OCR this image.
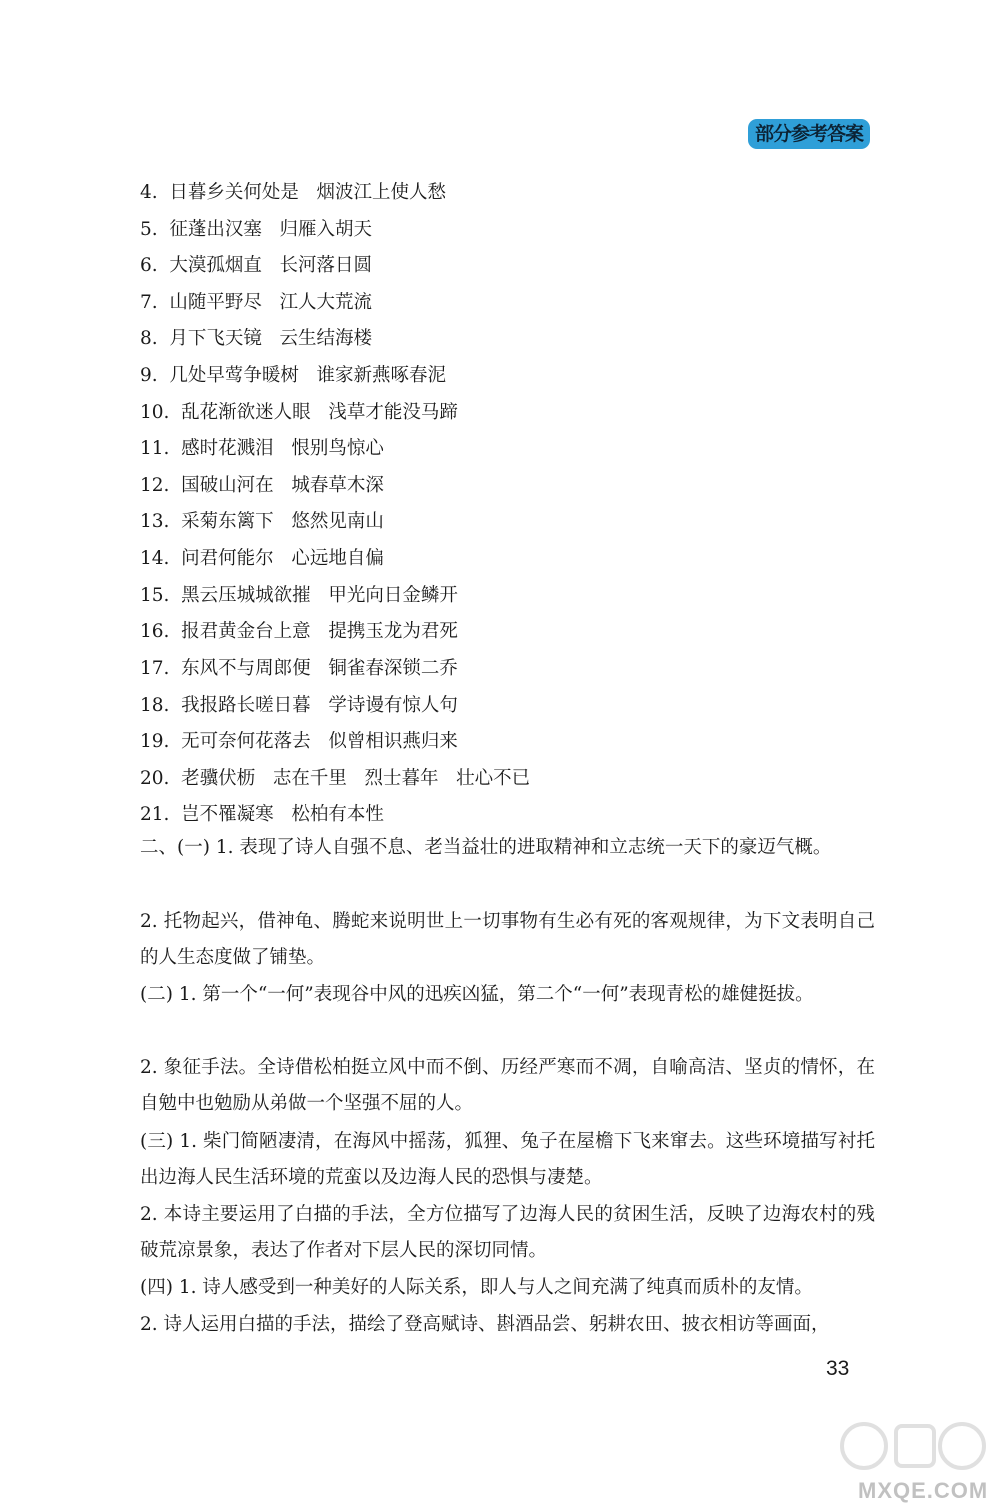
部分参考答案
4.  日暮乡关何处是   烟波江上使人愁
5.  征蓬出汉塞   归雁入胡天
6.  大漠孤烟直   长河落日圆
7.  山随平野尽   江人大荒流
8.  月下飞天镜   云生结海楼
9.  几处早莺争暖树   谁家新燕啄春泥
10.  乱花渐欲迷人眼   浅草才能没马蹄
11.  感时花溅泪   恨别鸟惊心
12.  国破山河在   城春草木深
13.  采菊东篱下   悠然见南山
14.  问君何能尔   心远地自偏
15.  黑云压城城欲摧   甲光向日金鳞开
16.  报君黄金台上意   提携玉龙为君死
17.  东风不与周郎便   铜雀春深锁二乔
18.  我报路长嗟日暮   学诗谩有惊人句
19.  无可奈何花落去   似曾相识燕归来
20.  老骥伏枥   志在千里   烈士暮年   壮心不已
21.  岂不罹凝寒   松柏有本性
二、(一) 1. 表现了诗人自强不息、老当益壮的进取精神和立志统一天下的豪迈气概。
2. 托物起兴，借神龟、腾蛇来说明世上一切事物有生必有死的客观规律，为下文表明自己的人生态度做了铺垫。
(二) 1. 第一个“一何”表现谷中风的迅疾凶猛，第二个“一何”表现青松的雄健挺拔。
2. 象征手法。全诗借松柏挺立风中而不倒、历经严寒而不凋，自喻高洁、坚贞的情怀，在自勉中也勉励从弟做一个坚强不屈的人。
(三) 1. 柴门简陋凄清，在海风中摇荡，狐狸、兔子在屋檐下飞来窜去。这些环境描写衬托出边海人民生活环境的荒蛮以及边海人民的恐惧与凄楚。
2. 本诗主要运用了白描的手法，全方位描写了边海人民的贫困生活，反映了边海农村的残破荒凉景象，表达了作者对下层人民的深切同情。
(四) 1. 诗人感受到一种美好的人际关系，即人与人之间充满了纯真而质朴的友情。
2. 诗人运用白描的手法，描绘了登高赋诗、斟酒品尝、躬耕农田、披衣相访等画面，
33
MXQE.COM
